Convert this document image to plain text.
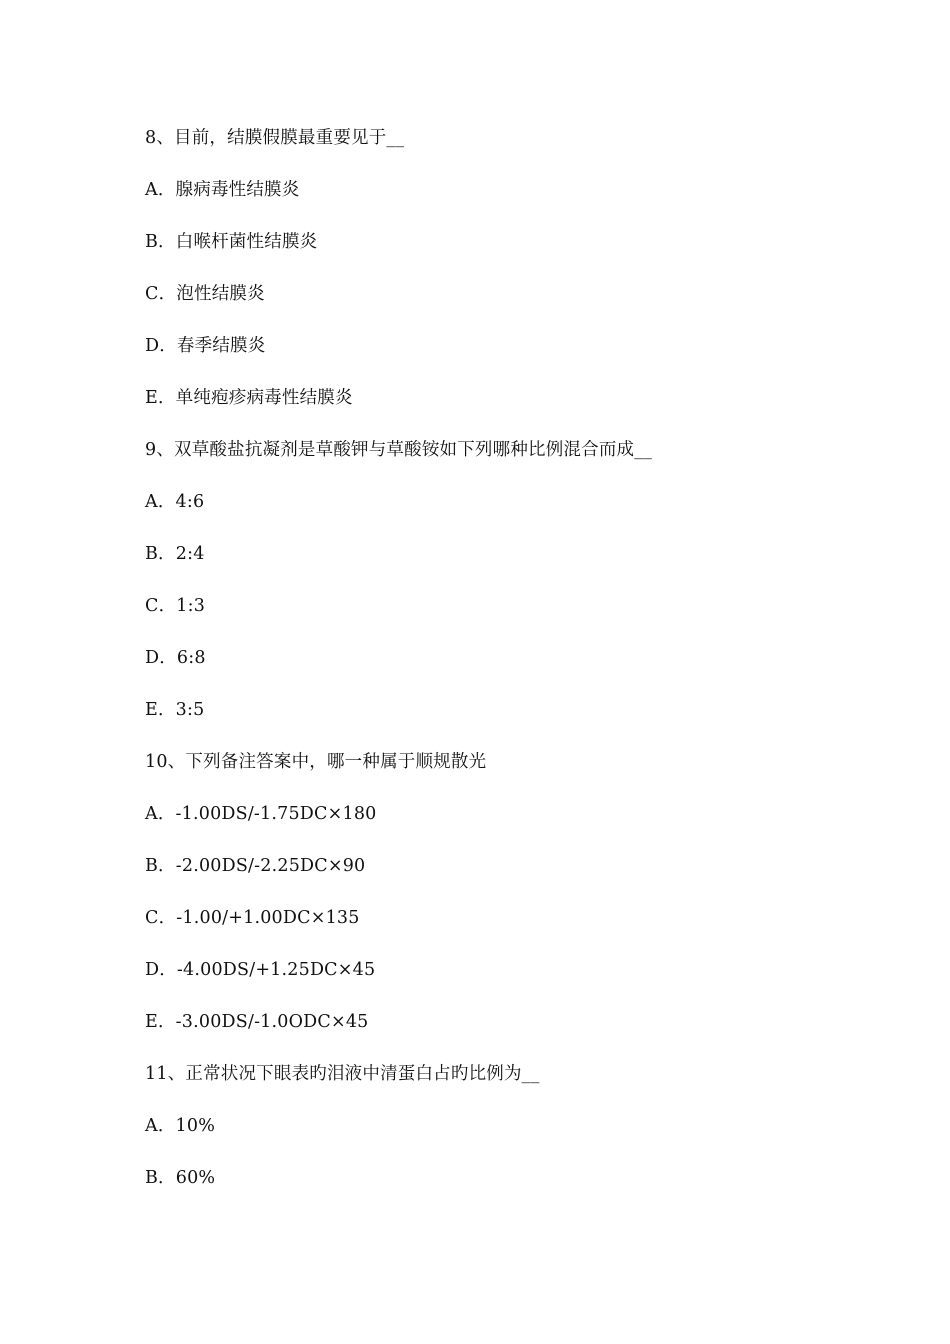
8、目前，结膜假膜最重要见于__
A．腺病毒性结膜炎
B．白喉杆菌性结膜炎
C．泡性结膜炎
D．春季结膜炎
E．单纯疱疹病毒性结膜炎
9、双草酸盐抗凝剂是草酸钾与草酸铵如下列哪种比例混合而成__
A．4:6
B．2:4
C．1:3
D．6:8
E．3:5
10、下列备注答案中，哪一种属于顺规散光
A．-1.00DS/-1.75DC×180
B．-2.00DS/-2.25DC×90
C．-1.00/+1.00DC×135
D．-4.00DS/+1.25DC×45
E．-3.00DS/-1.0ODC×45
11、正常状况下眼表旳泪液中清蛋白占旳比例为__
A．10%
B．60%
